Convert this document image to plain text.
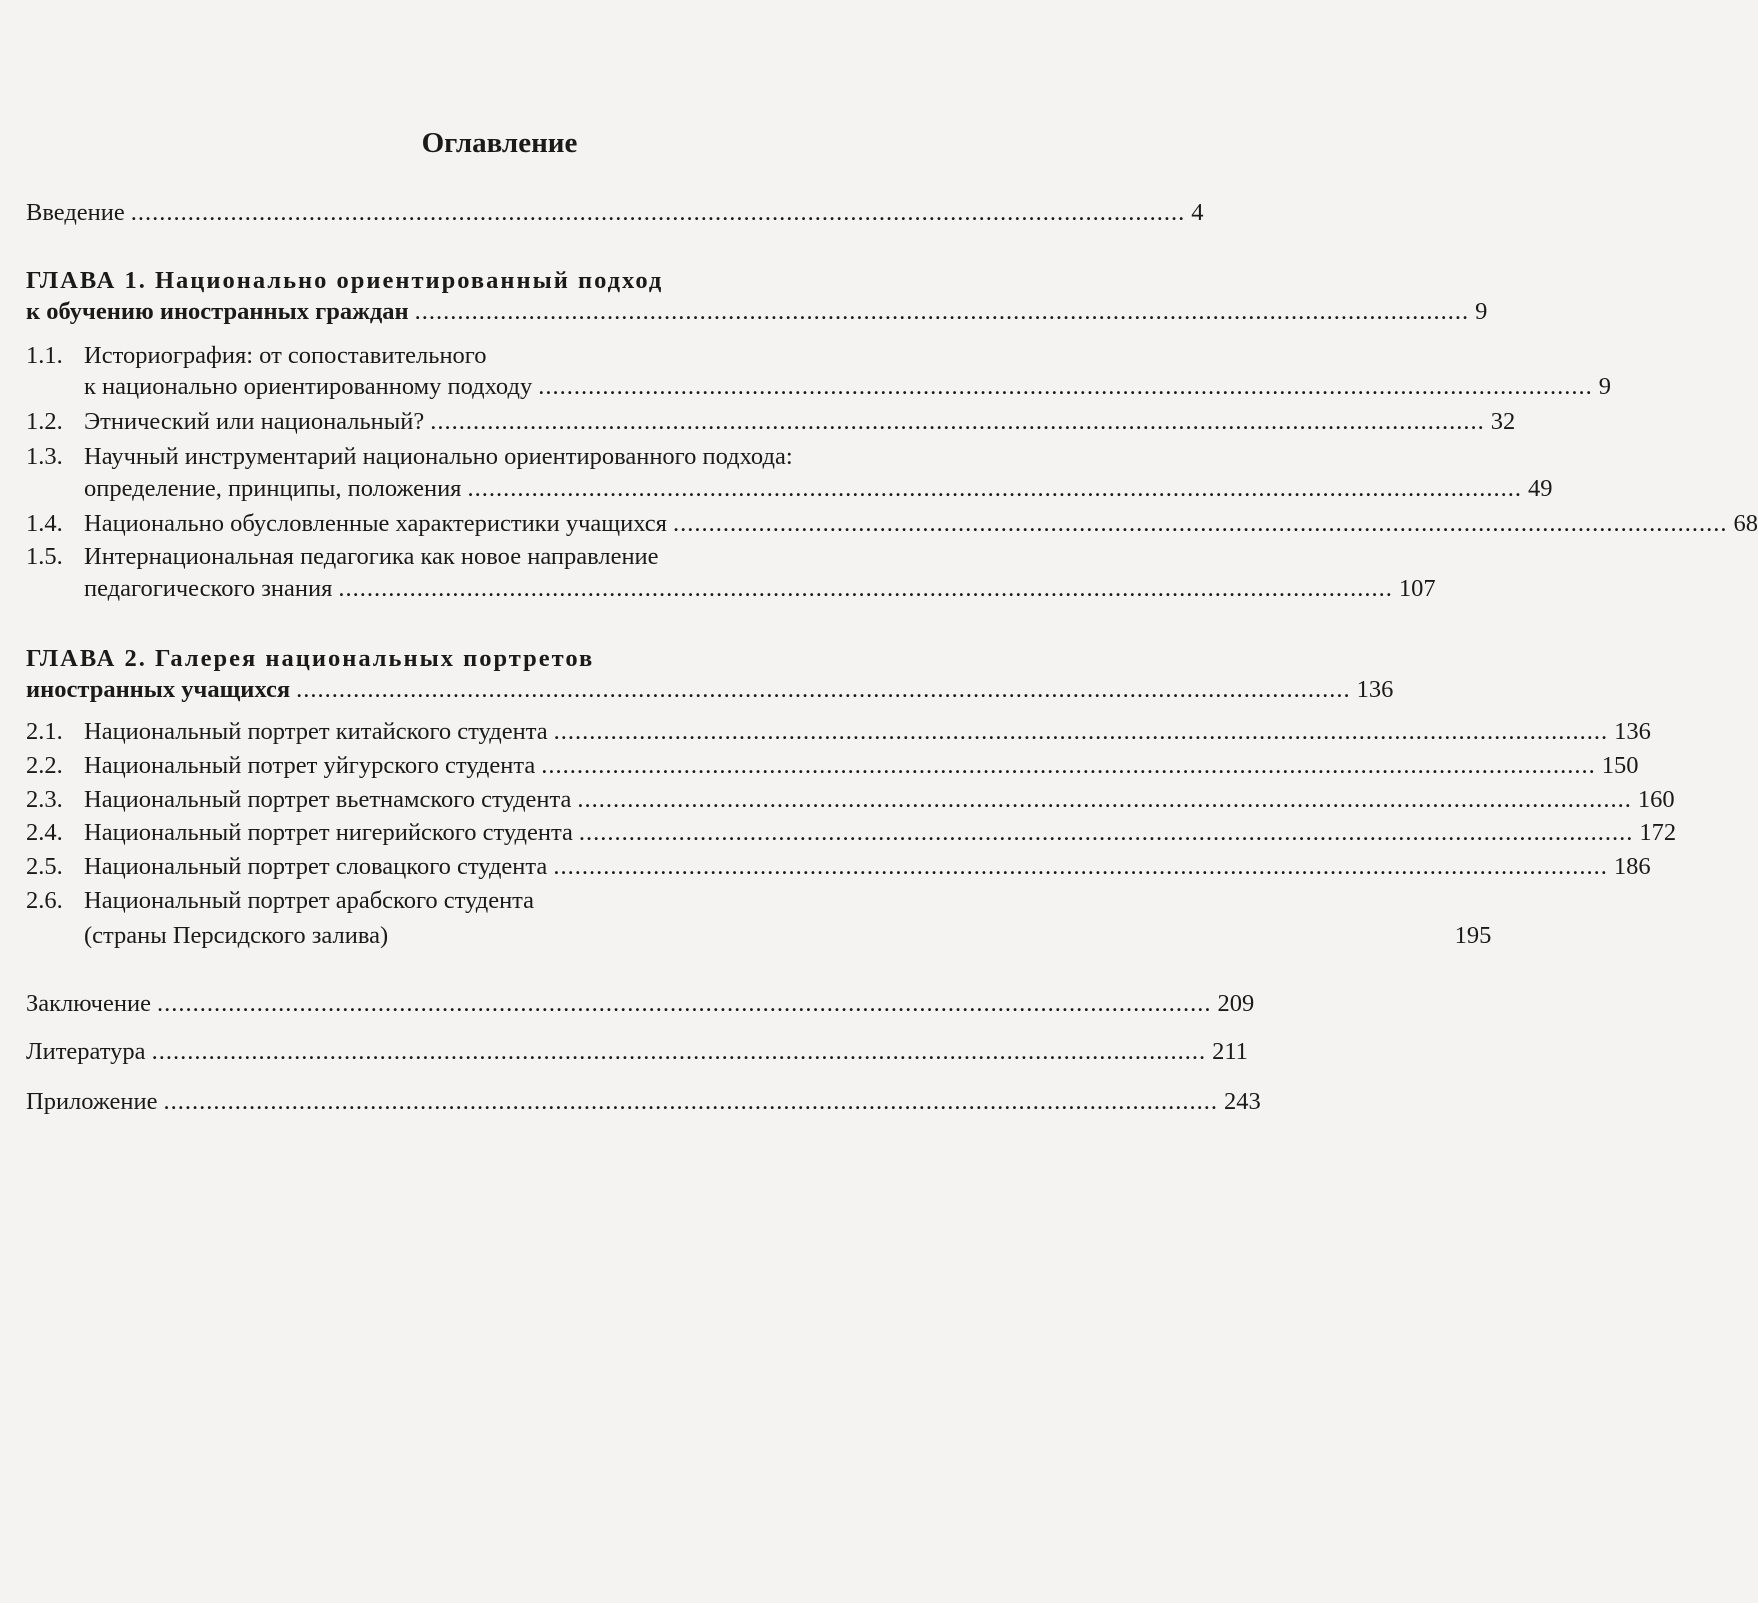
Оглавление
Введение .................................................................................................................................................... 4
ГЛАВА 1. Национально ориентированный подход
к обучению иностранных граждан .................................................................................................................................................... 9
1.1. Историография: от сопоставительного
к национально ориентированному подходу .................................................................................................................................................... 9
1.2. Этнический или национальный? .................................................................................................................................................... 32
1.3. Научный инструментарий национально ориентированного подхода:
определение, принципы, положения .................................................................................................................................................... 49
1.4. Национально обусловленные характеристики учащихся .................................................................................................................................................... 68
1.5. Интернациональная педагогика как новое направление
педагогического знания .................................................................................................................................................... 107
ГЛАВА 2. Галерея национальных портретов
иностранных учащихся .................................................................................................................................................... 136
2.1. Национальный портрет китайского студента .................................................................................................................................................... 136
2.2. Национальный потрет уйгурского студента .................................................................................................................................................... 150
2.3. Национальный портрет вьетнамского студента .................................................................................................................................................... 160
2.4. Национальный портрет нигерийского студента .................................................................................................................................................... 172
2.5. Национальный портрет словацкого студента .................................................................................................................................................... 186
2.6. Национальный портрет арабского студента
(страны Персидского залива)	195
Заключение .................................................................................................................................................... 209
Литература .................................................................................................................................................... 211
Приложение .................................................................................................................................................... 243
